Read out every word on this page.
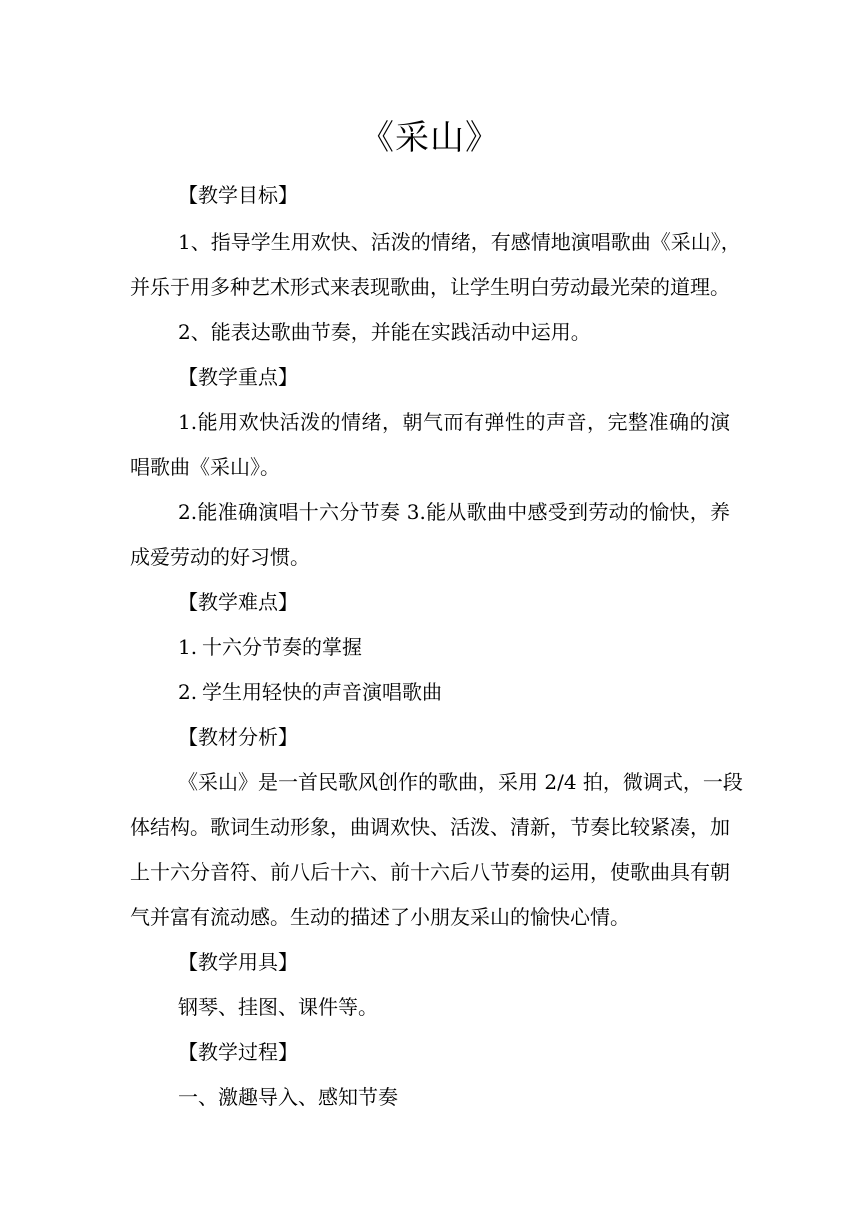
《采山》
【教学目标】
1、指导学生用欢快、活泼的情绪，有感情地演唱歌曲《采山》，
并乐于用多种艺术形式来表现歌曲，让学生明白劳动最光荣的道理。
2、能表达歌曲节奏，并能在实践活动中运用。
【教学重点】
1.能用欢快活泼的情绪，朝气而有弹性的声音，完整准确的演
唱歌曲《采山》。
2.能准确演唱十六分节奏 3.能从歌曲中感受到劳动的愉快，养
成爱劳动的好习惯。
【教学难点】
1. 十六分节奏的掌握
2. 学生用轻快的声音演唱歌曲
【教材分析】
《采山》是一首民歌风创作的歌曲，采用 2/4 拍，微调式，一段
体结构。歌词生动形象，曲调欢快、活泼、清新，节奏比较紧凑，加
上十六分音符、前八后十六、前十六后八节奏的运用，使歌曲具有朝
气并富有流动感。生动的描述了小朋友采山的愉快心情。
【教学用具】
钢琴、挂图、课件等。
【教学过程】
一、激趣导入、感知节奏
